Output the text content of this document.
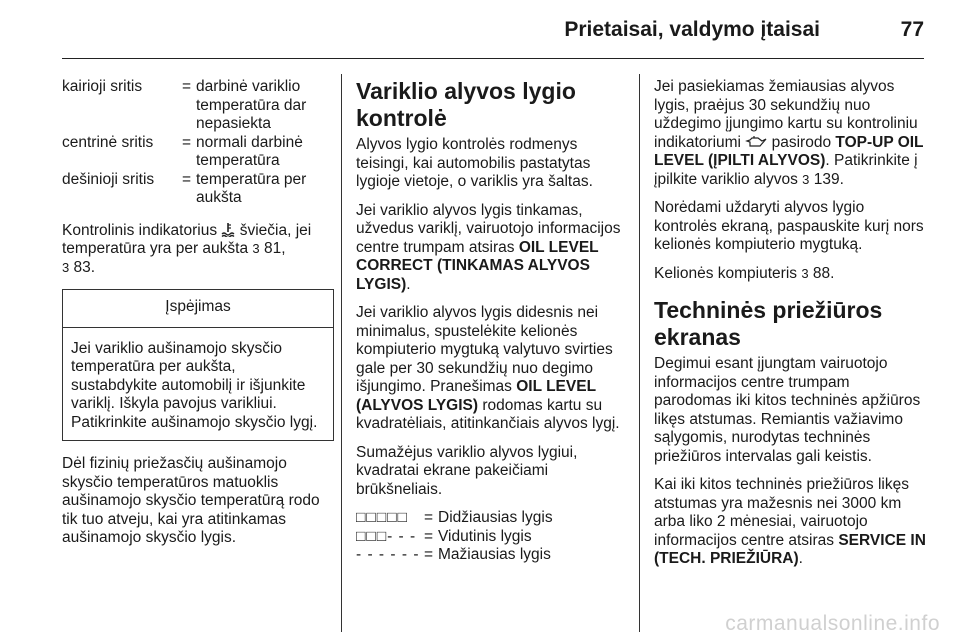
Prietaisai, valdymo įtaisai	77
kairioji sritis	= darbinė variklio temperatūra dar nepasiekta
centrinė sritis	= normali darbinė temperatūra
dešinioji sritis	= temperatūra per aukšta

Kontrolinis indikatorius  šviečia, jei temperatūra yra per aukšta 3 81,
3 83.

Įspėjimas
Jei variklio aušinamojo skysčio temperatūra per aukšta, sustabdykite automobilį ir išjunkite variklį. Iškyla pavojus varikliui. Patikrinkite aušinamojo skysčio lygį.

Dėl fizinių priežasčių aušinamojo skysčio temperatūros matuoklis aušinamojo skysčio temperatūrą rodo tik tuo atveju, kai yra atitinkamas aušinamojo skysčio lygis.

Variklio alyvos lygio kontrolė

Alyvos lygio kontrolės rodmenys teisingi, kai automobilis pastatytas lygioje vietoje, o variklis yra šaltas.

Jei variklio alyvos lygis tinkamas, užvedus variklį, vairuotojo informacijos centre trumpam atsiras OIL LEVEL CORRECT (TINKAMAS ALYVOS LYGIS).

Jei variklio alyvos lygis didesnis nei minimalus, spustelėkite kelionės kompiuterio mygtuką valytuvo svirties gale per 30 sekundžių nuo degimo išjungimo. Pranešimas OIL LEVEL (ALYVOS LYGIS) rodomas kartu su kvadratėliais, atitinkančiais alyvos lygį.

Sumažėjus variklio alyvos lygiui, kvadratai ekrane pakeičiami brūkšneliais.

□□□□□	= Didžiausias lygis
□□□- - - = Vidutinis lygis
- - - - - - = Mažiausias lygis

Jei pasiekiamas žemiausias alyvos lygis, praėjus 30 sekundžių nuo uždegimo įjungimo kartu su kontroliniu indikatoriumi  pasirodo TOP-UP OIL LEVEL (ĮPILTI ALYVOS). Patikrinkite į įpilkite variklio alyvos 3 139.

Norėdami uždaryti alyvos lygio kontrolės ekraną, paspauskite kurį nors kelionės kompiuterio mygtuką.

Kelionės kompiuteris 3 88.

Techninės priežiūros ekranas

Degimui esant įjungtam vairuotojo informacijos centre trumpam parodomas iki kitos techninės apžiūros likęs atstumas. Remiantis važiavimo sąlygomis, nurodytas techninės priežiūros intervalas gali keistis.

Kai iki kitos techninės priežiūros likęs atstumas yra mažesnis nei 3000 km arba liko 2 mėnesiai, vairuotojo informacijos centre atsiras SERVICE IN (TECH. PRIEŽIŪRA).

carmanualsonline.info
